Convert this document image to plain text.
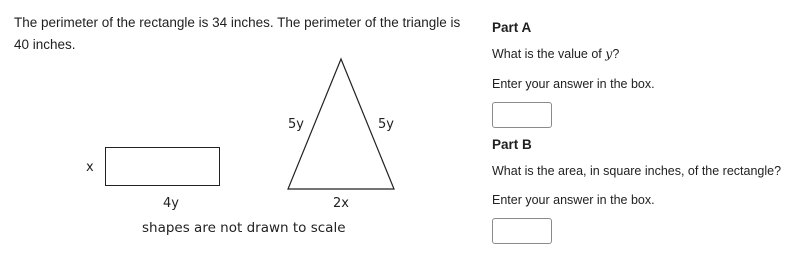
The perimeter of the rectangle is 34 inches. The perimeter of the triangle is 40 inches.
x
4y
5y	5y
2x
shapes are not drawn to scale
Part A
What is the value of y?
Enter your answer in the box.
Part B
What is the area, in square inches, of the rectangle?
Enter your answer in the box.
